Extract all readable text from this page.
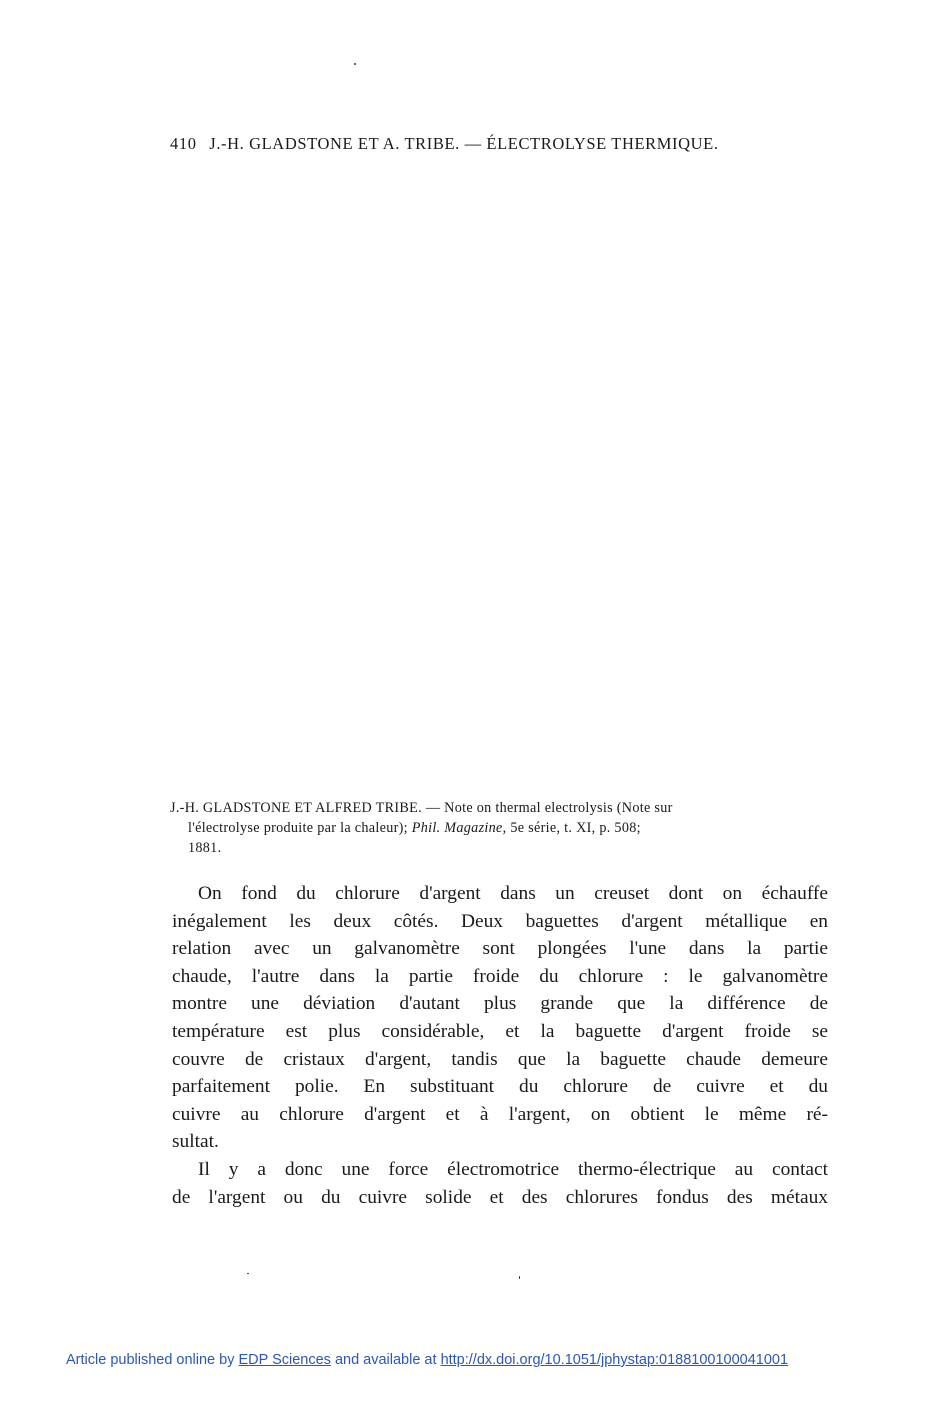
410 J.-H. GLADSTONE ET A. TRIBE. — ÉLECTROLYSE THERMIQUE.
J.-H. GLADSTONE ET ALFRED TRIBE. — Note on thermal electrolysis (Note sur
l'électrolyse produite par la chaleur); Phil. Magazine, 5e série, t. XI, p. 508;
1881.
On fond du chlorure d'argent dans un creuset dont on échauffe
inégalement les deux côtés. Deux baguettes d'argent métallique en
relation avec un galvanomètre sont plongées l'une dans la partie
chaude, l'autre dans la partie froide du chlorure : le galvanomètre
montre une déviation d'autant plus grande que la différence de
température est plus considérable, et la baguette d'argent froide se
couvre de cristaux d'argent, tandis que la baguette chaude demeure
parfaitement polie. En substituant du chlorure de cuivre et du
cuivre au chlorure d'argent et à l'argent, on obtient le même ré-
sultat.
Il y a donc une force électromotrice thermo-électrique au contact
de l'argent ou du cuivre solide et des chlorures fondus des métaux
Article published online by EDP Sciences and available at http://dx.doi.org/10.1051/jphystap:0188100100041001
